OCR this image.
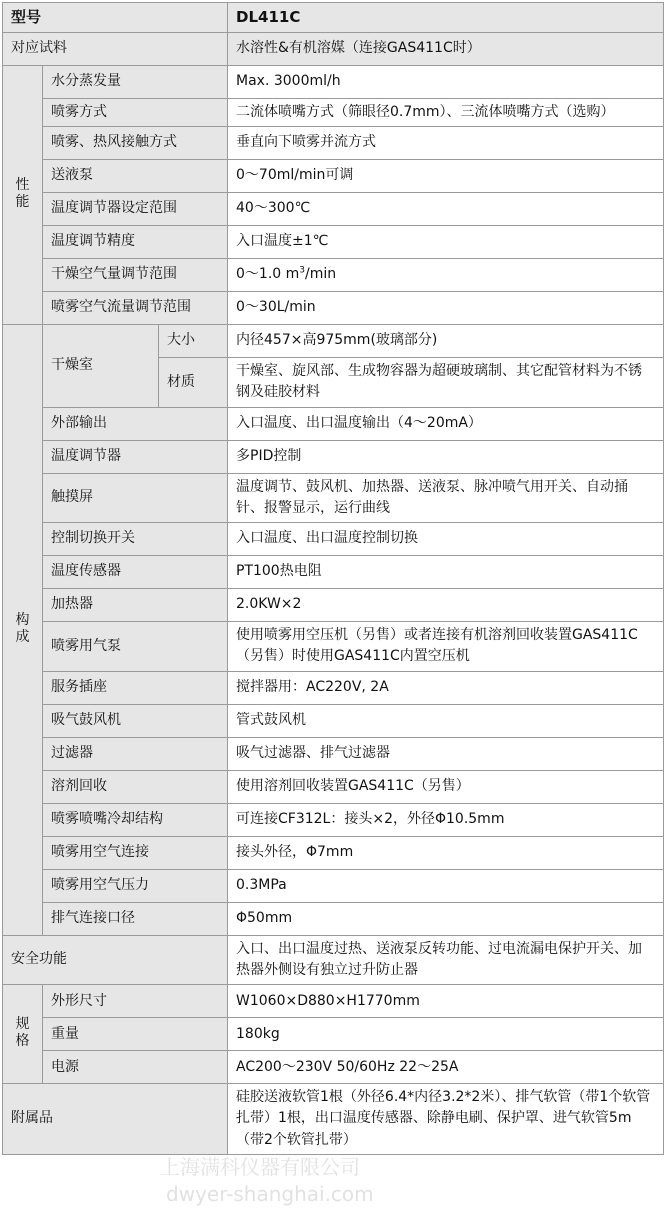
型号			DL411C
对应试料			水溶性&有机溶媒（连接GAS411C时）
性能	水分蒸发量		Max. 3000ml/h
	喷雾方式		二流体喷嘴方式（筛眼径0.7mm）、三流体喷嘴方式（选购）
	喷雾、热风接触方式		垂直向下喷雾并流方式
	送液泵		0～70ml/min可调
	温度调节器设定范围		40～300℃
	温度调节精度		入口温度±1℃
	干燥空气量调节范围		0～1.0 $m^3/\min$
	喷雾空气流量调节范围		0～30L/min
构成	干燥室	大小	内径457×高975mm(玻璃部分)
		材质	干燥室、旋风部、生成物容器为超硬玻璃制、其它配管材料为不锈钢及硅胶材料
	外部输出		入口温度、出口温度输出（4～20mA）
	温度调节器		多PID控制
	触摸屏		温度调节、鼓风机、加热器、送液泵、脉冲喷气用开关、自动捅针、报警显示，运行曲线
	控制切换开关		入口温度、出口温度控制切换
	温度传感器		PT100热电阻
	加热器		2.0KW×2
	喷雾用气泵		使用喷雾用空压机（另售）或者连接有机溶剂回收装置GAS411C（另售）时使用GAS411C内置空压机
	服务插座		搅拌器用：AC220V, 2A
	吸气鼓风机		管式鼓风机
	过滤器		吸气过滤器、排气过滤器
	溶剂回收		使用溶剂回收装置GAS411C（另售）
	喷雾喷嘴冷却结构		可连接CF312L：接头×2，外径Φ10.5mm
	喷雾用空气连接		接头外径，Φ7mm
	喷雾用空气压力		0.3MPa
	排气连接口径		Φ50mm
安全功能			入口、出口温度过热、送液泵反转功能、过电流漏电保护开关、加热器外侧设有独立过升防止器
规格	外形尺寸		W1060×D880×H1770mm
	重量		180kg
	电源		AC200～230V 50/60Hz 22～25A
附属品			硅胶送液软管1根（外径6.4*内径3.2*2米）、排气软管（带1个软管扎带）1根，出口温度传感器、除静电刷、保护罩、进气软管5m（带2个软管扎带）
上海满科仪器有限公司
dwyer-shanghai.com
